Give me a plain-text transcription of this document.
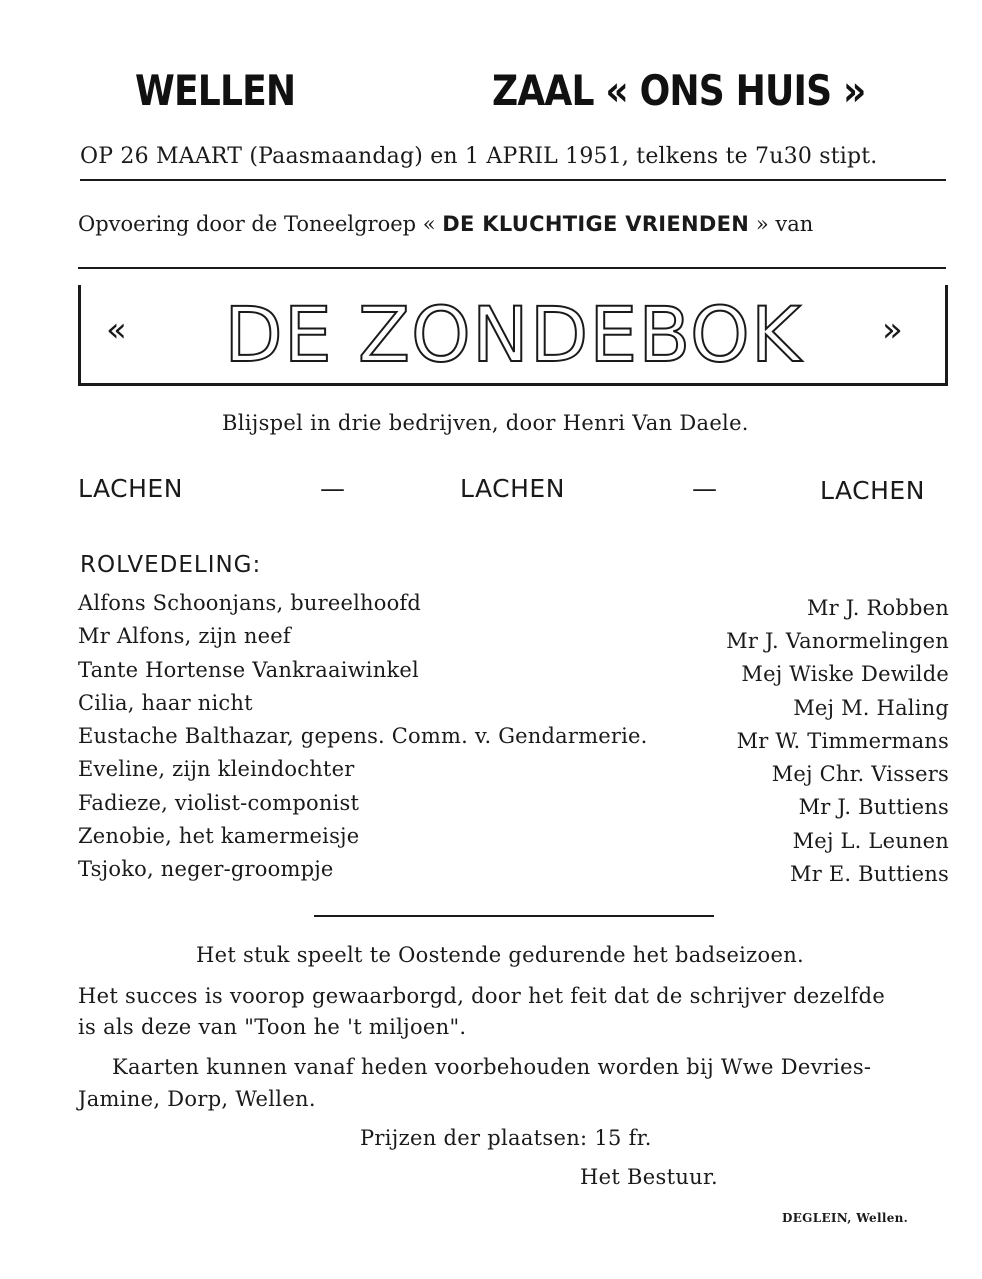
WELLEN	ZAAL « ONS HUIS »
OP 26 MAART (Paasmaandag) en 1 APRIL 1951, telkens te 7u30 stipt.
Opvoering door de Toneelgroep « DE KLUCHTIGE VRIENDEN » van
DE ZONDEBOK
«	»
Blijspel in drie bedrijven, door Henri Van Daele.
LACHEN	—	LACHEN	—	LACHEN
ROLVEDELING:
Alfons Schoonjans, bureelhoofd	Mr J. Robben
Mr Alfons, zijn neef	Mr J. Vanormelingen
Tante Hortense Vankraaiwinkel	Mej Wiske Dewilde
Cilia, haar nicht	Mej M. Haling
Eustache Balthazar, gepens. Comm. v. Gendarmerie.	Mr W. Timmermans
Eveline, zijn kleindochter	Mej Chr. Vissers
Fadieze, violist-componist	Mr J. Buttiens
Zenobie, het kamermeisje	Mej L. Leunen
Tsjoko, neger-groompje	Mr E. Buttiens
Het stuk speelt te Oostende gedurende het badseizoen.
Het succes is voorop gewaarborgd, door het feit dat de schrijver dezelfde
is als deze van "Toon he 't miljoen".
Kaarten kunnen vanaf heden voorbehouden worden bij Wwe Devries-
Jamine, Dorp, Wellen.
Prijzen der plaatsen: 15 fr.
Het Bestuur.
DEGLEIN, Wellen.
